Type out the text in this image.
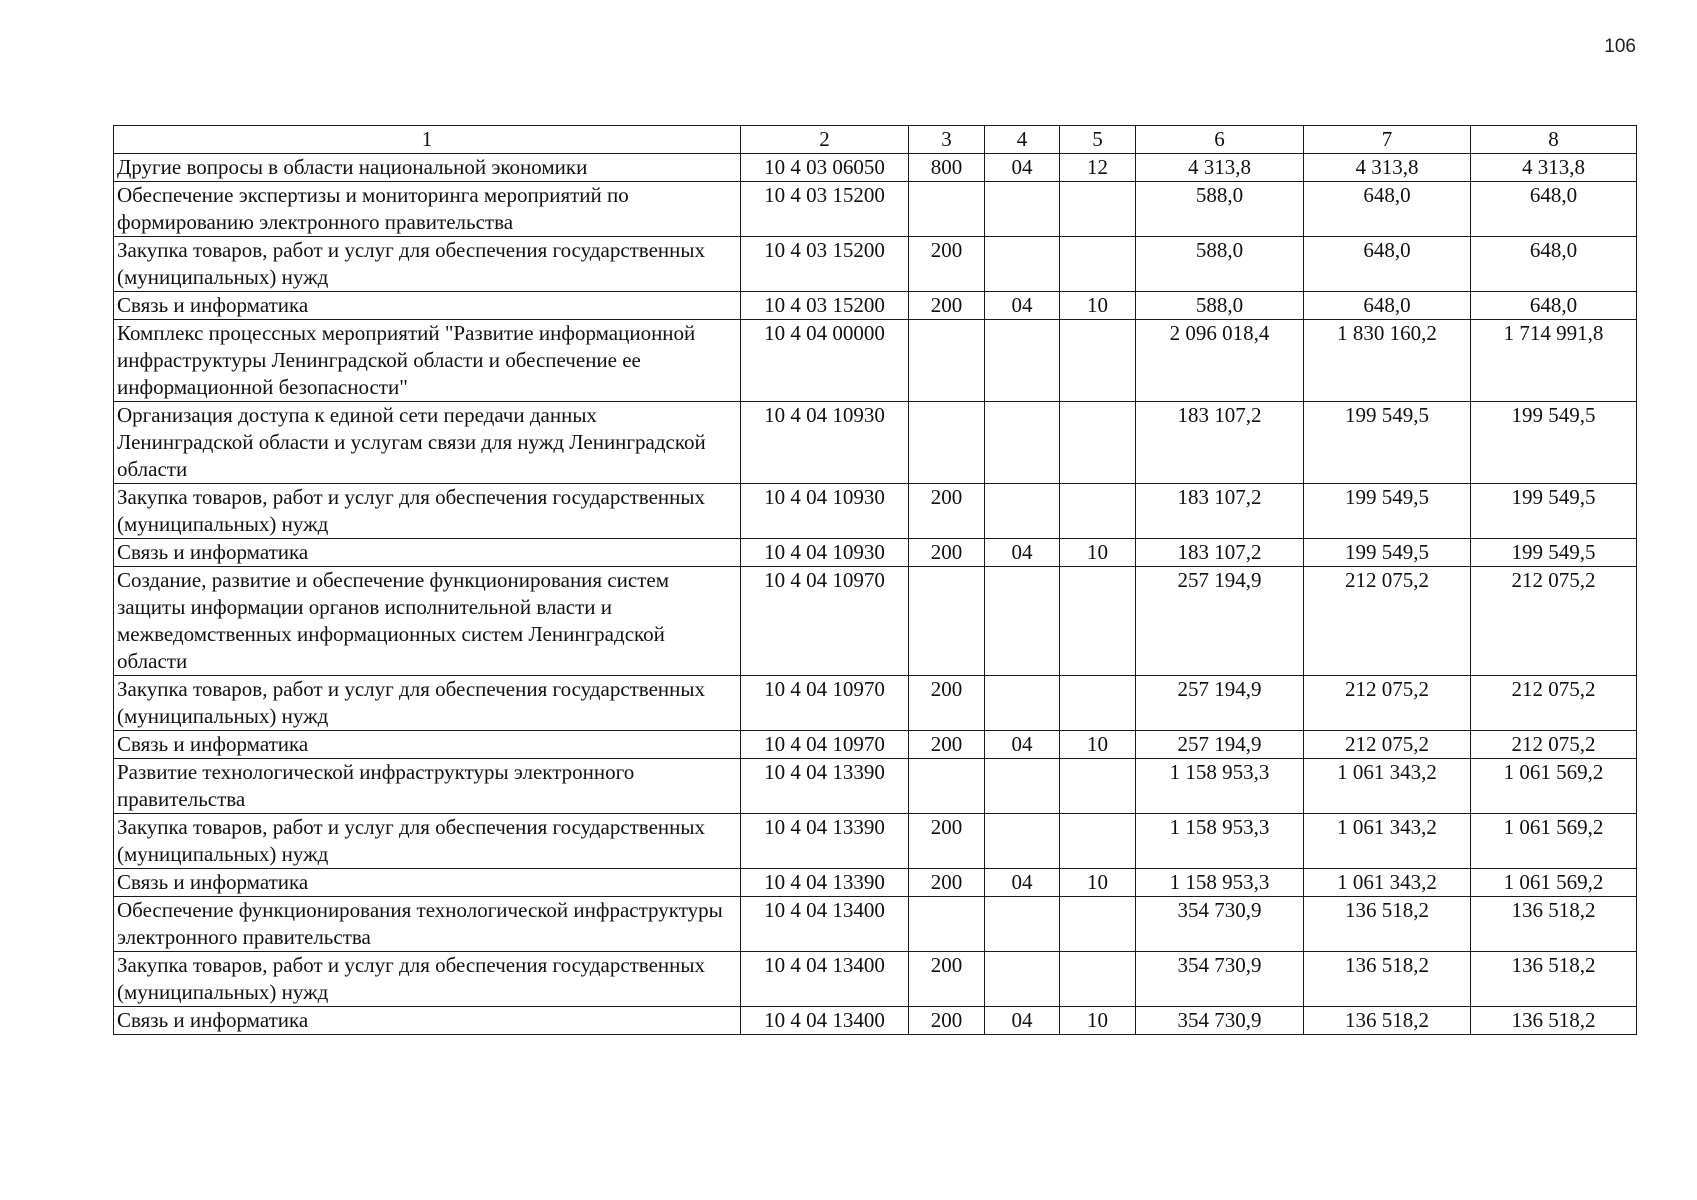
106
1	2	3	4	5	6	7	8
Другие вопросы в области национальной экономики	10 4 03 06050	800	04	12	4 313,8	4 313,8	4 313,8
Обеспечение экспертизы и мониторинга мероприятий по формированию электронного правительства	10 4 03 15200				588,0	648,0	648,0
Закупка товаров, работ и услуг для обеспечения государственных (муниципальных) нужд	10 4 03 15200	200			588,0	648,0	648,0
Связь и информатика	10 4 03 15200	200	04	10	588,0	648,0	648,0
Комплекс процессных мероприятий "Развитие информационной инфраструктуры Ленинградской области и обеспечение ее информационной безопасности"	10 4 04 00000				2 096 018,4	1 830 160,2	1 714 991,8
Организация доступа к единой сети передачи данных Ленинградской области и услугам связи для нужд Ленинградской области	10 4 04 10930				183 107,2	199 549,5	199 549,5
Закупка товаров, работ и услуг для обеспечения государственных (муниципальных) нужд	10 4 04 10930	200			183 107,2	199 549,5	199 549,5
Связь и информатика	10 4 04 10930	200	04	10	183 107,2	199 549,5	199 549,5
Создание, развитие и обеспечение функционирования систем защиты информации органов исполнительной власти и межведомственных информационных систем Ленинградской области	10 4 04 10970				257 194,9	212 075,2	212 075,2
Закупка товаров, работ и услуг для обеспечения государственных (муниципальных) нужд	10 4 04 10970	200			257 194,9	212 075,2	212 075,2
Связь и информатика	10 4 04 10970	200	04	10	257 194,9	212 075,2	212 075,2
Развитие технологической инфраструктуры электронного правительства	10 4 04 13390				1 158 953,3	1 061 343,2	1 061 569,2
Закупка товаров, работ и услуг для обеспечения государственных (муниципальных) нужд	10 4 04 13390	200			1 158 953,3	1 061 343,2	1 061 569,2
Связь и информатика	10 4 04 13390	200	04	10	1 158 953,3	1 061 343,2	1 061 569,2
Обеспечение функционирования технологической инфраструктуры электронного правительства	10 4 04 13400				354 730,9	136 518,2	136 518,2
Закупка товаров, работ и услуг для обеспечения государственных (муниципальных) нужд	10 4 04 13400	200			354 730,9	136 518,2	136 518,2
Связь и информатика	10 4 04 13400	200	04	10	354 730,9	136 518,2	136 518,2
